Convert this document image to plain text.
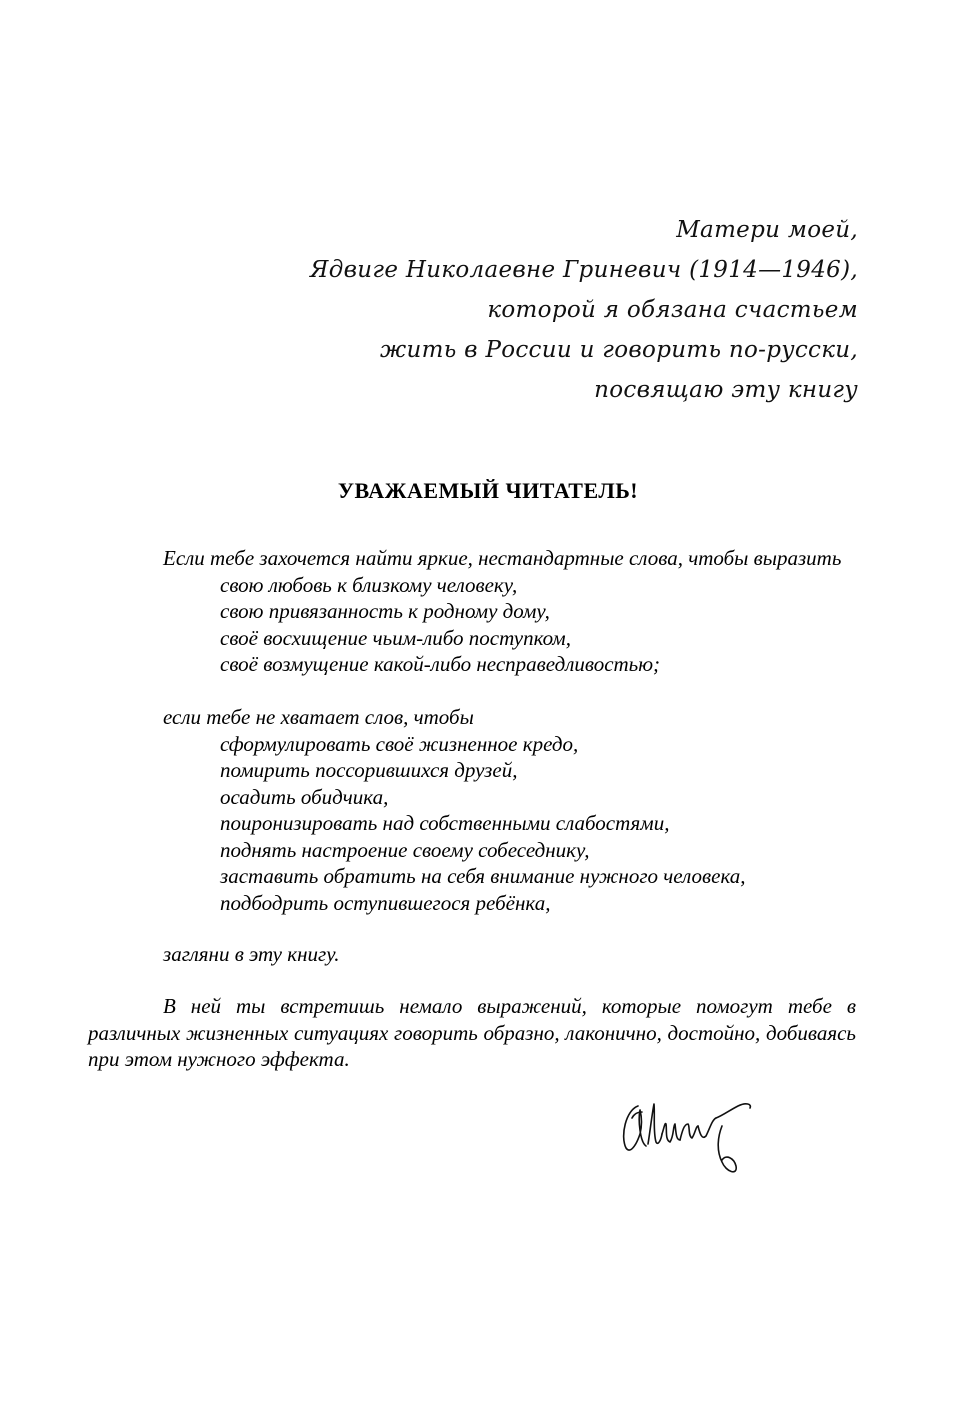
Матери моей,
Ядвиге Николаевне Гриневич (1914—1946),
которой я обязана счастьем
жить в России и говорить по-русски,
посвящаю эту книгу
УВАЖАЕМЫЙ ЧИТАТЕЛЬ!
Если тебе захочется найти яркие, нестандартные слова, чтобы выразить
свою любовь к близкому человеку,
свою привязанность к родному дому,
своё восхищение чьим-либо поступком,
своё возмущение какой-либо несправедливостью;
если тебе не хватает слов, чтобы
сформулировать своё жизненное кредо,
помирить поссорившихся друзей,
осадить обидчика,
поиронизировать над собственными слабостями,
поднять настроение своему собеседнику,
заставить обратить на себя внимание нужного человека,
подбодрить оступившегося ребёнка,
загляни в эту книгу.
В ней ты встретишь немало выражений, которые помогут тебе в различных жизненных ситуациях говорить образно, лаконично, достойно, добиваясь при этом нужного эффекта.
